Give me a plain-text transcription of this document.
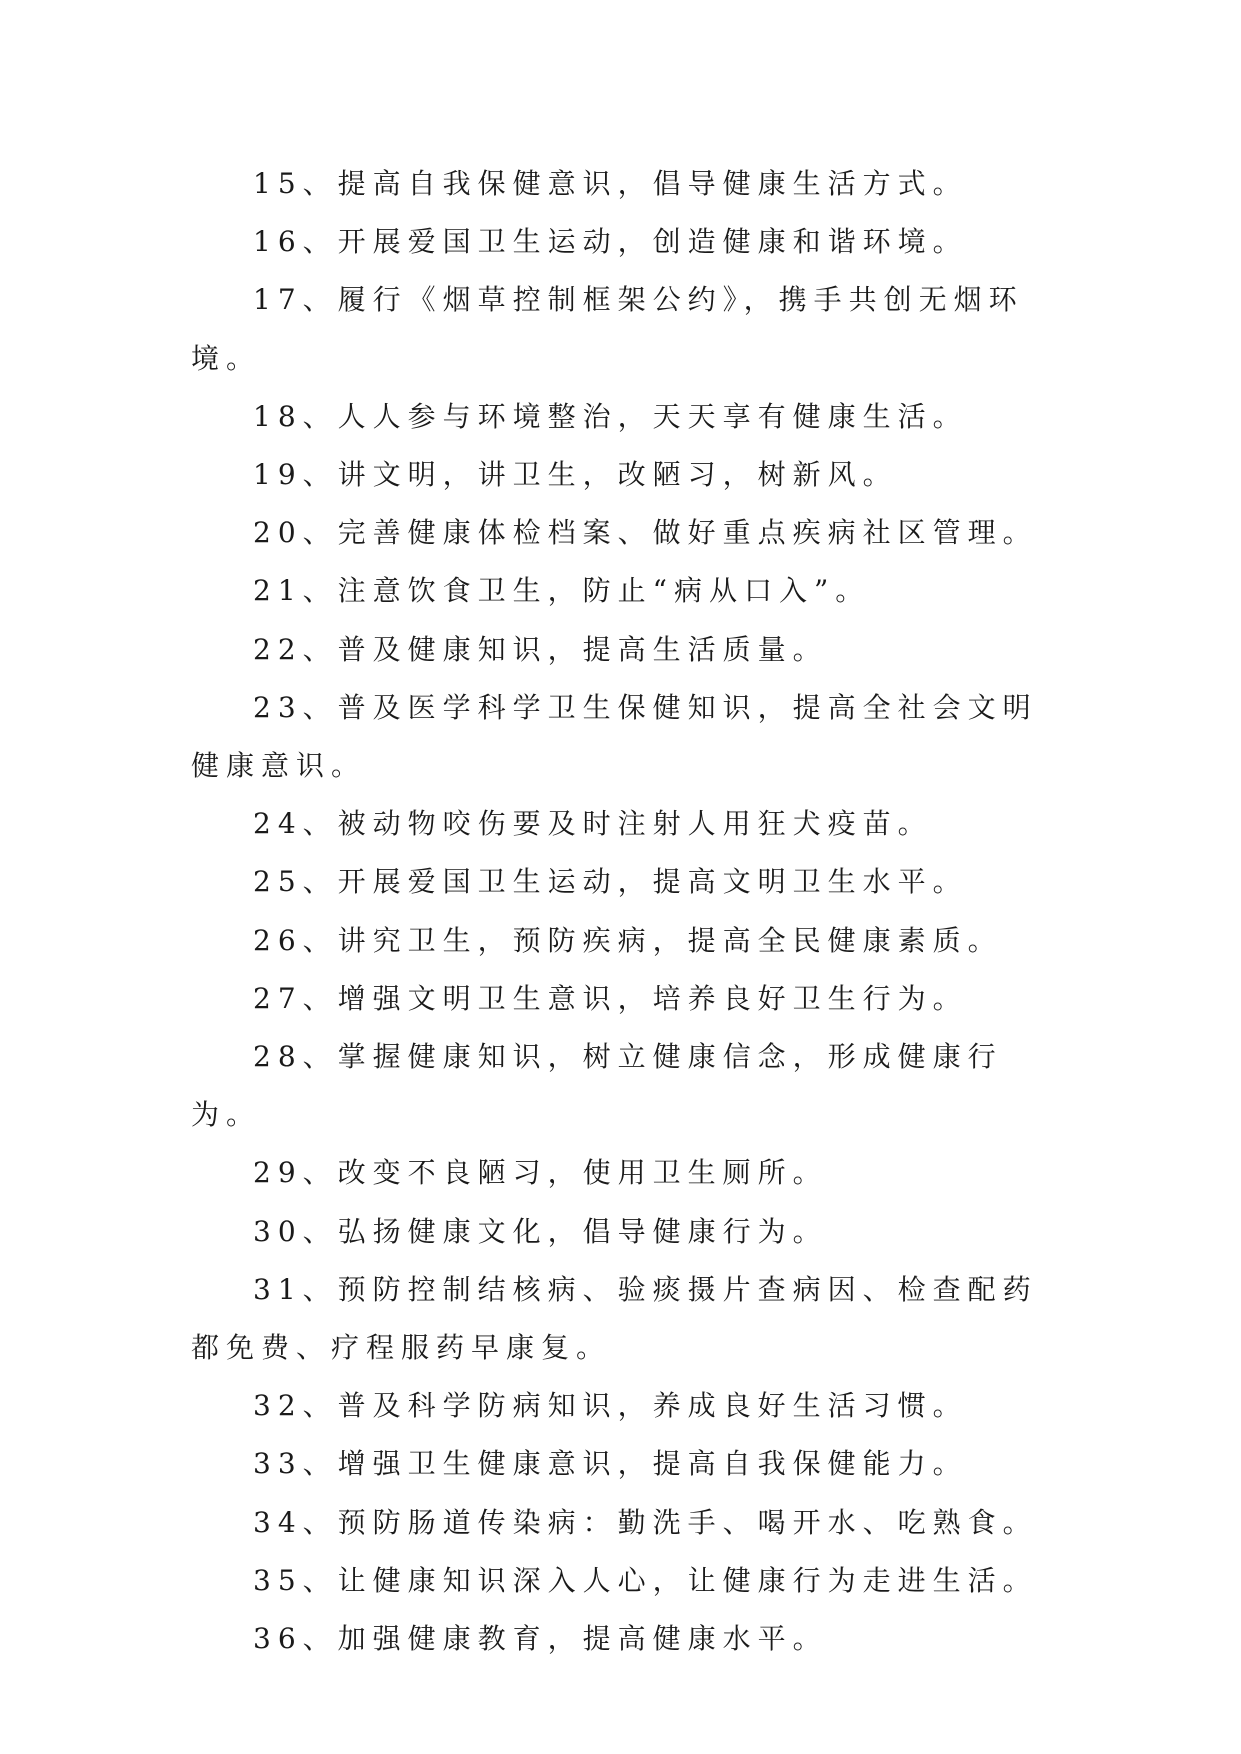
15、提高自我保健意识，倡导健康生活方式。

16、开展爱国卫生运动，创造健康和谐环境。

17、履行《烟草控制框架公约》，携手共创无烟环境。

18、人人参与环境整治，天天享有健康生活。

19、讲文明，讲卫生，改陋习，树新风。

20、完善健康体检档案、做好重点疾病社区管理。

21、注意饮食卫生，防止“病从口入”。

22、普及健康知识，提高生活质量。

23、普及医学科学卫生保健知识，提高全社会文明健康意识。

24、被动物咬伤要及时注射人用狂犬疫苗。

25、开展爱国卫生运动，提高文明卫生水平。

26、讲究卫生，预防疾病，提高全民健康素质。

27、增强文明卫生意识，培养良好卫生行为。

28、掌握健康知识，树立健康信念，形成健康行为。

29、改变不良陋习，使用卫生厕所。

30、弘扬健康文化，倡导健康行为。

31、预防控制结核病、验痰摄片查病因、检查配药都免费、疗程服药早康复。

32、普及科学防病知识，养成良好生活习惯。

33、增强卫生健康意识，提高自我保健能力。

34、预防肠道传染病：勤洗手、喝开水、吃熟食。

35、让健康知识深入人心，让健康行为走进生活。

36、加强健康教育，提高健康水平。
